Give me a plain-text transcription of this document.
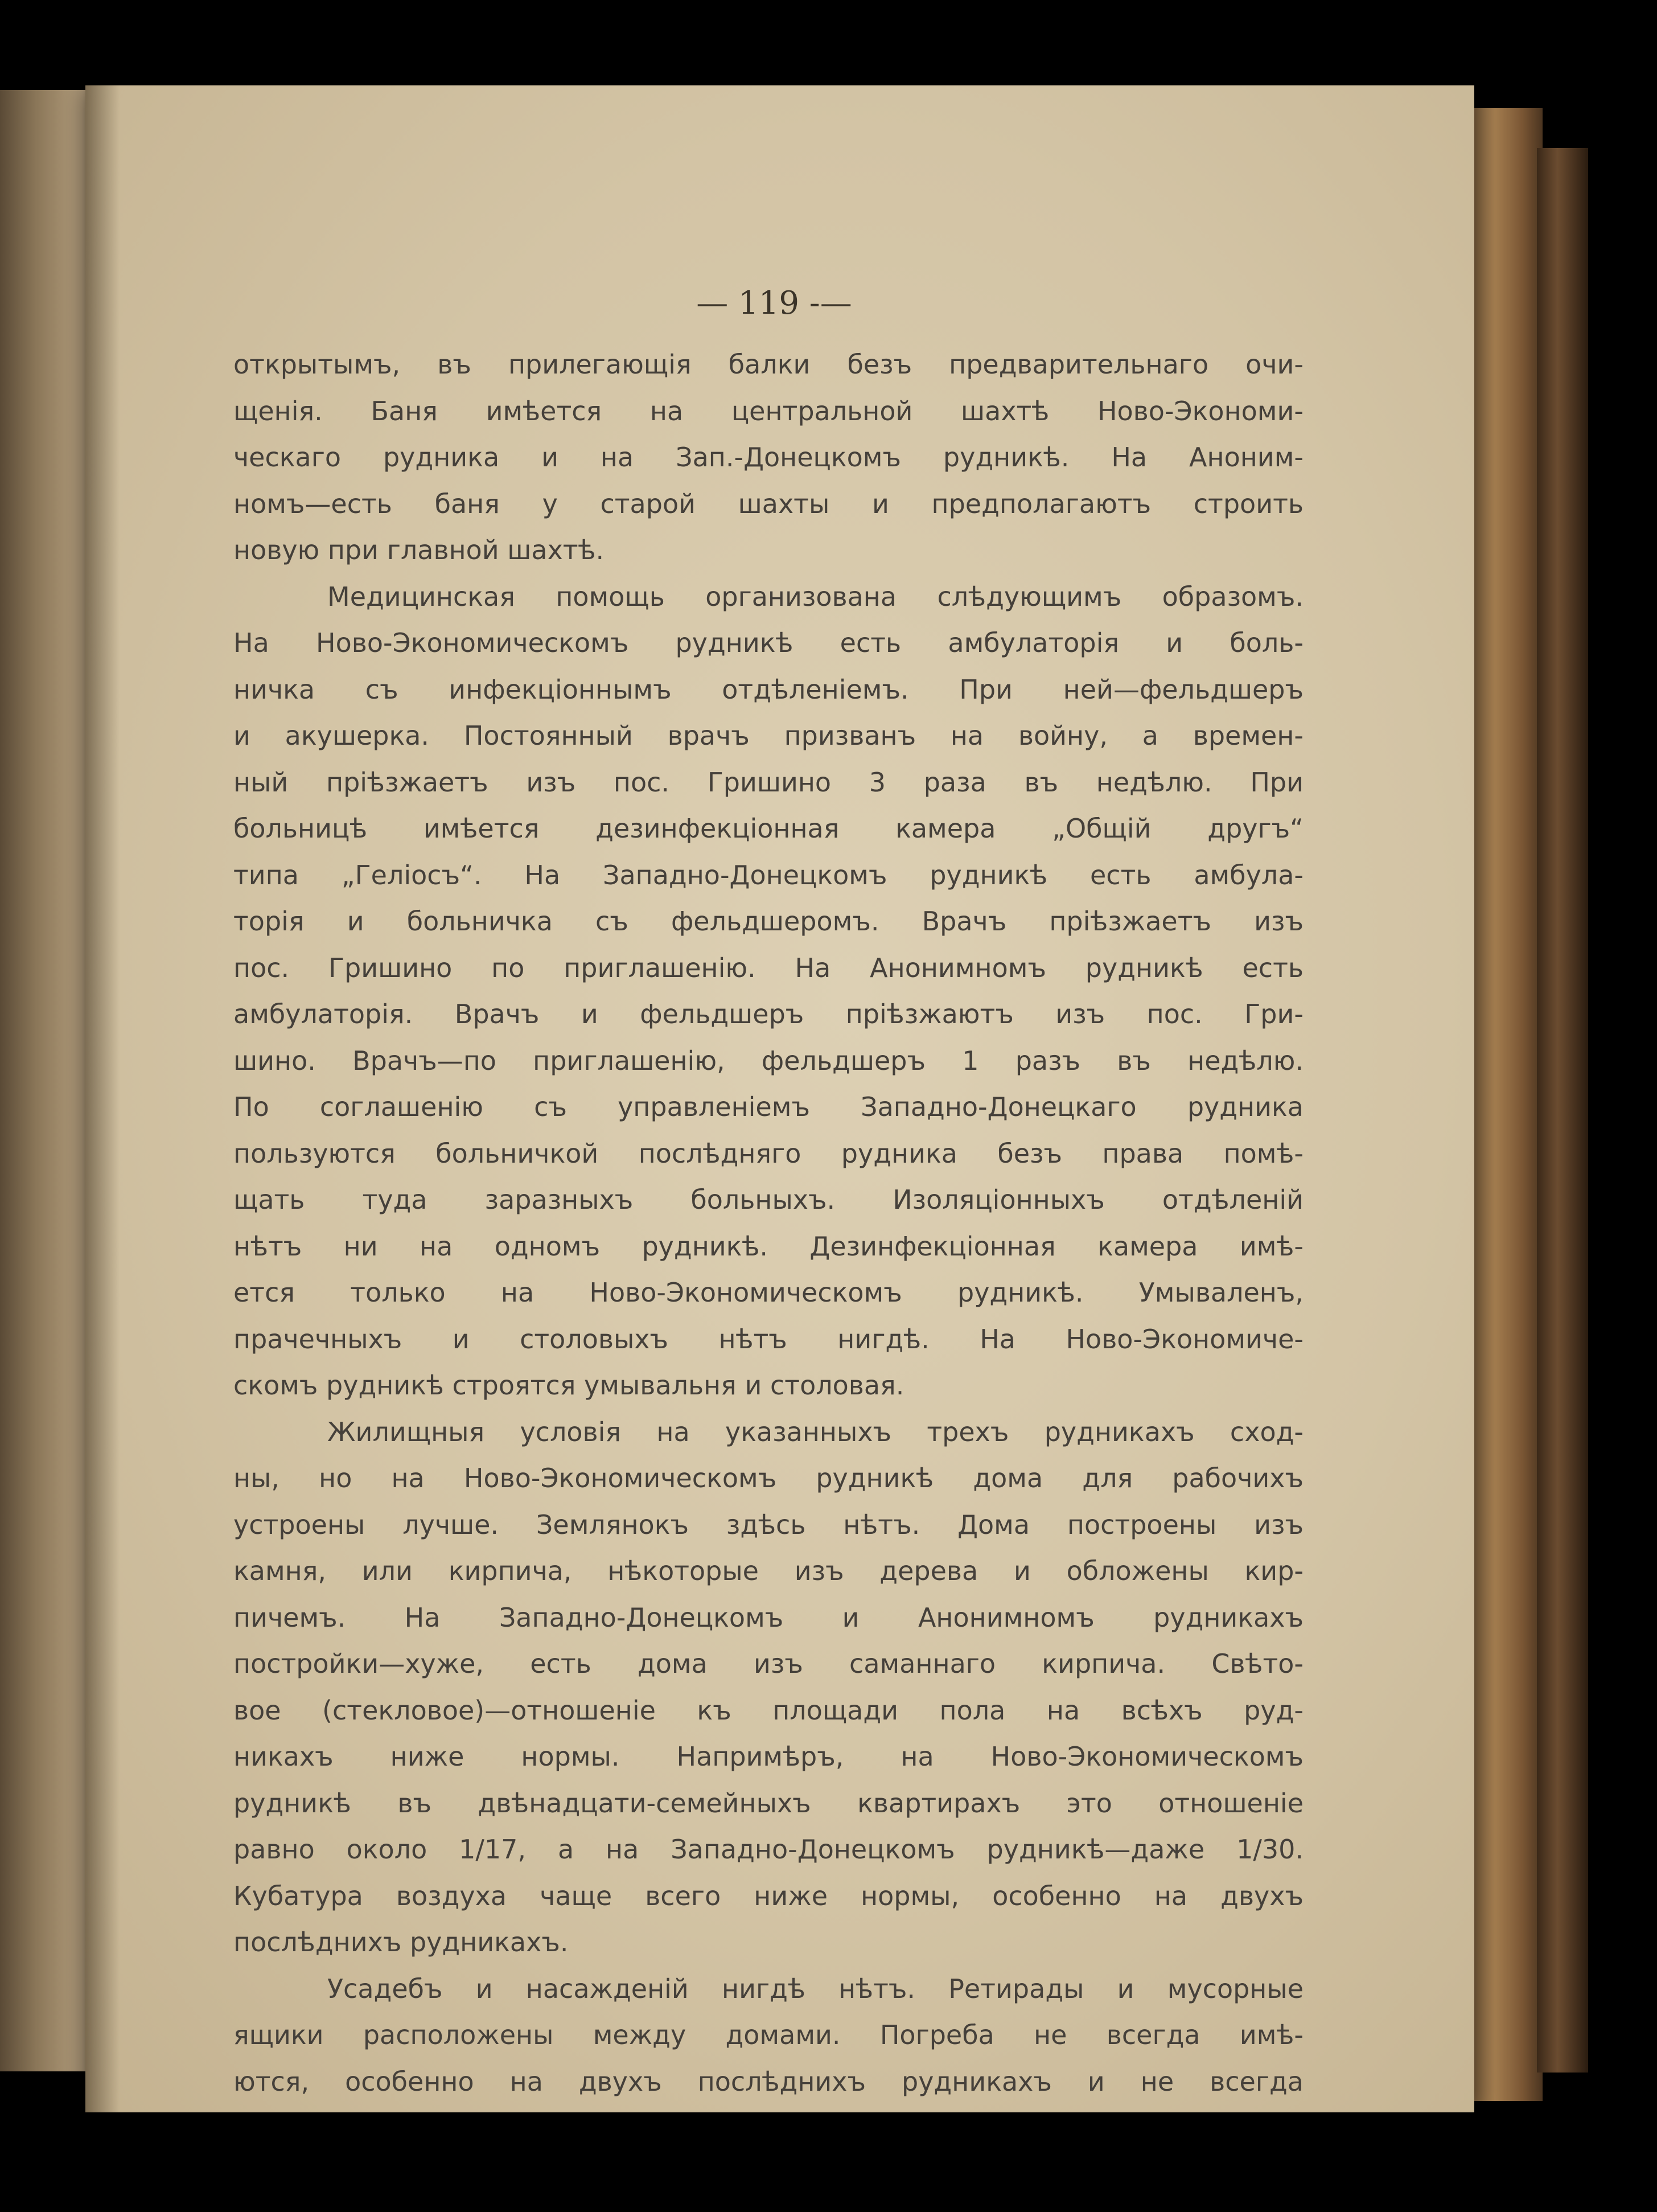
— 119 -—
открытымъ, въ прилегающія балки безъ предварительнаго очи-
щенія. Баня имѣется на центральной шахтѣ Ново-Экономи-
ческаго рудника и на Зап.-Донецкомъ рудникѣ. На Аноним-
номъ—есть баня у старой шахты и предполагаютъ строить
новую при главной шахтѣ.
Медицинская помощь организована слѣдующимъ образомъ.
На Ново-Экономическомъ рудникѣ есть амбулаторія и боль-
ничка съ инфекціоннымъ отдѣленіемъ. При ней—фельдшеръ
и акушерка. Постоянный врачъ призванъ на войну, а времен-
ный пріѣзжаетъ изъ пос. Гришино 3 раза въ недѣлю. При
больницѣ имѣется дезинфекціонная камера „Общій другъ“
типа „Геліосъ“. На Западно-Донецкомъ рудникѣ есть амбула-
торія и больничка съ фельдшеромъ. Врачъ пріѣзжаетъ изъ
пос. Гришино по приглашенію. На Анонимномъ рудникѣ есть
амбулаторія. Врачъ и фельдшеръ пріѣзжаютъ изъ пос. Гри-
шино. Врачъ—по приглашенію, фельдшеръ 1 разъ въ недѣлю.
По соглашенію съ управленіемъ Западно-Донецкаго рудника
пользуются больничкой послѣдняго рудника безъ права помѣ-
щать туда заразныхъ больныхъ. Изоляціонныхъ отдѣленій
нѣтъ ни на одномъ рудникѣ. Дезинфекціонная камера имѣ-
ется только на Ново-Экономическомъ рудникѣ. Умываленъ,
прачечныхъ и столовыхъ нѣтъ нигдѣ. На Ново-Экономиче-
скомъ рудникѣ строятся умывальня и столовая.
Жилищныя условія на указанныхъ трехъ рудникахъ сход-
ны, но на Ново-Экономическомъ рудникѣ дома для рабочихъ
устроены лучше. Землянокъ здѣсь нѣтъ. Дома построены изъ
камня, или кирпича, нѣкоторые изъ дерева и обложены кир-
пичемъ. На Западно-Донецкомъ и Анонимномъ рудникахъ
постройки—хуже, есть дома изъ саманнаго кирпича. Свѣто-
вое (стекловое)—отношеніе къ площади пола на всѣхъ руд-
никахъ ниже нормы. Напримѣръ, на Ново-Экономическомъ
рудникѣ въ двѣнадцати-семейныхъ квартирахъ это отношеніе
равно около 1/17, а на Западно-Донецкомъ рудникѣ—даже 1/30.
Кубатура воздуха чаще всего ниже нормы, особенно на двухъ
послѣднихъ рудникахъ.
Усадебъ и насажденій нигдѣ нѣтъ. Ретирады и мусорные
ящики расположены между домами. Погреба не всегда имѣ-
ются, особенно на двухъ послѣднихъ рудникахъ и не всегда
